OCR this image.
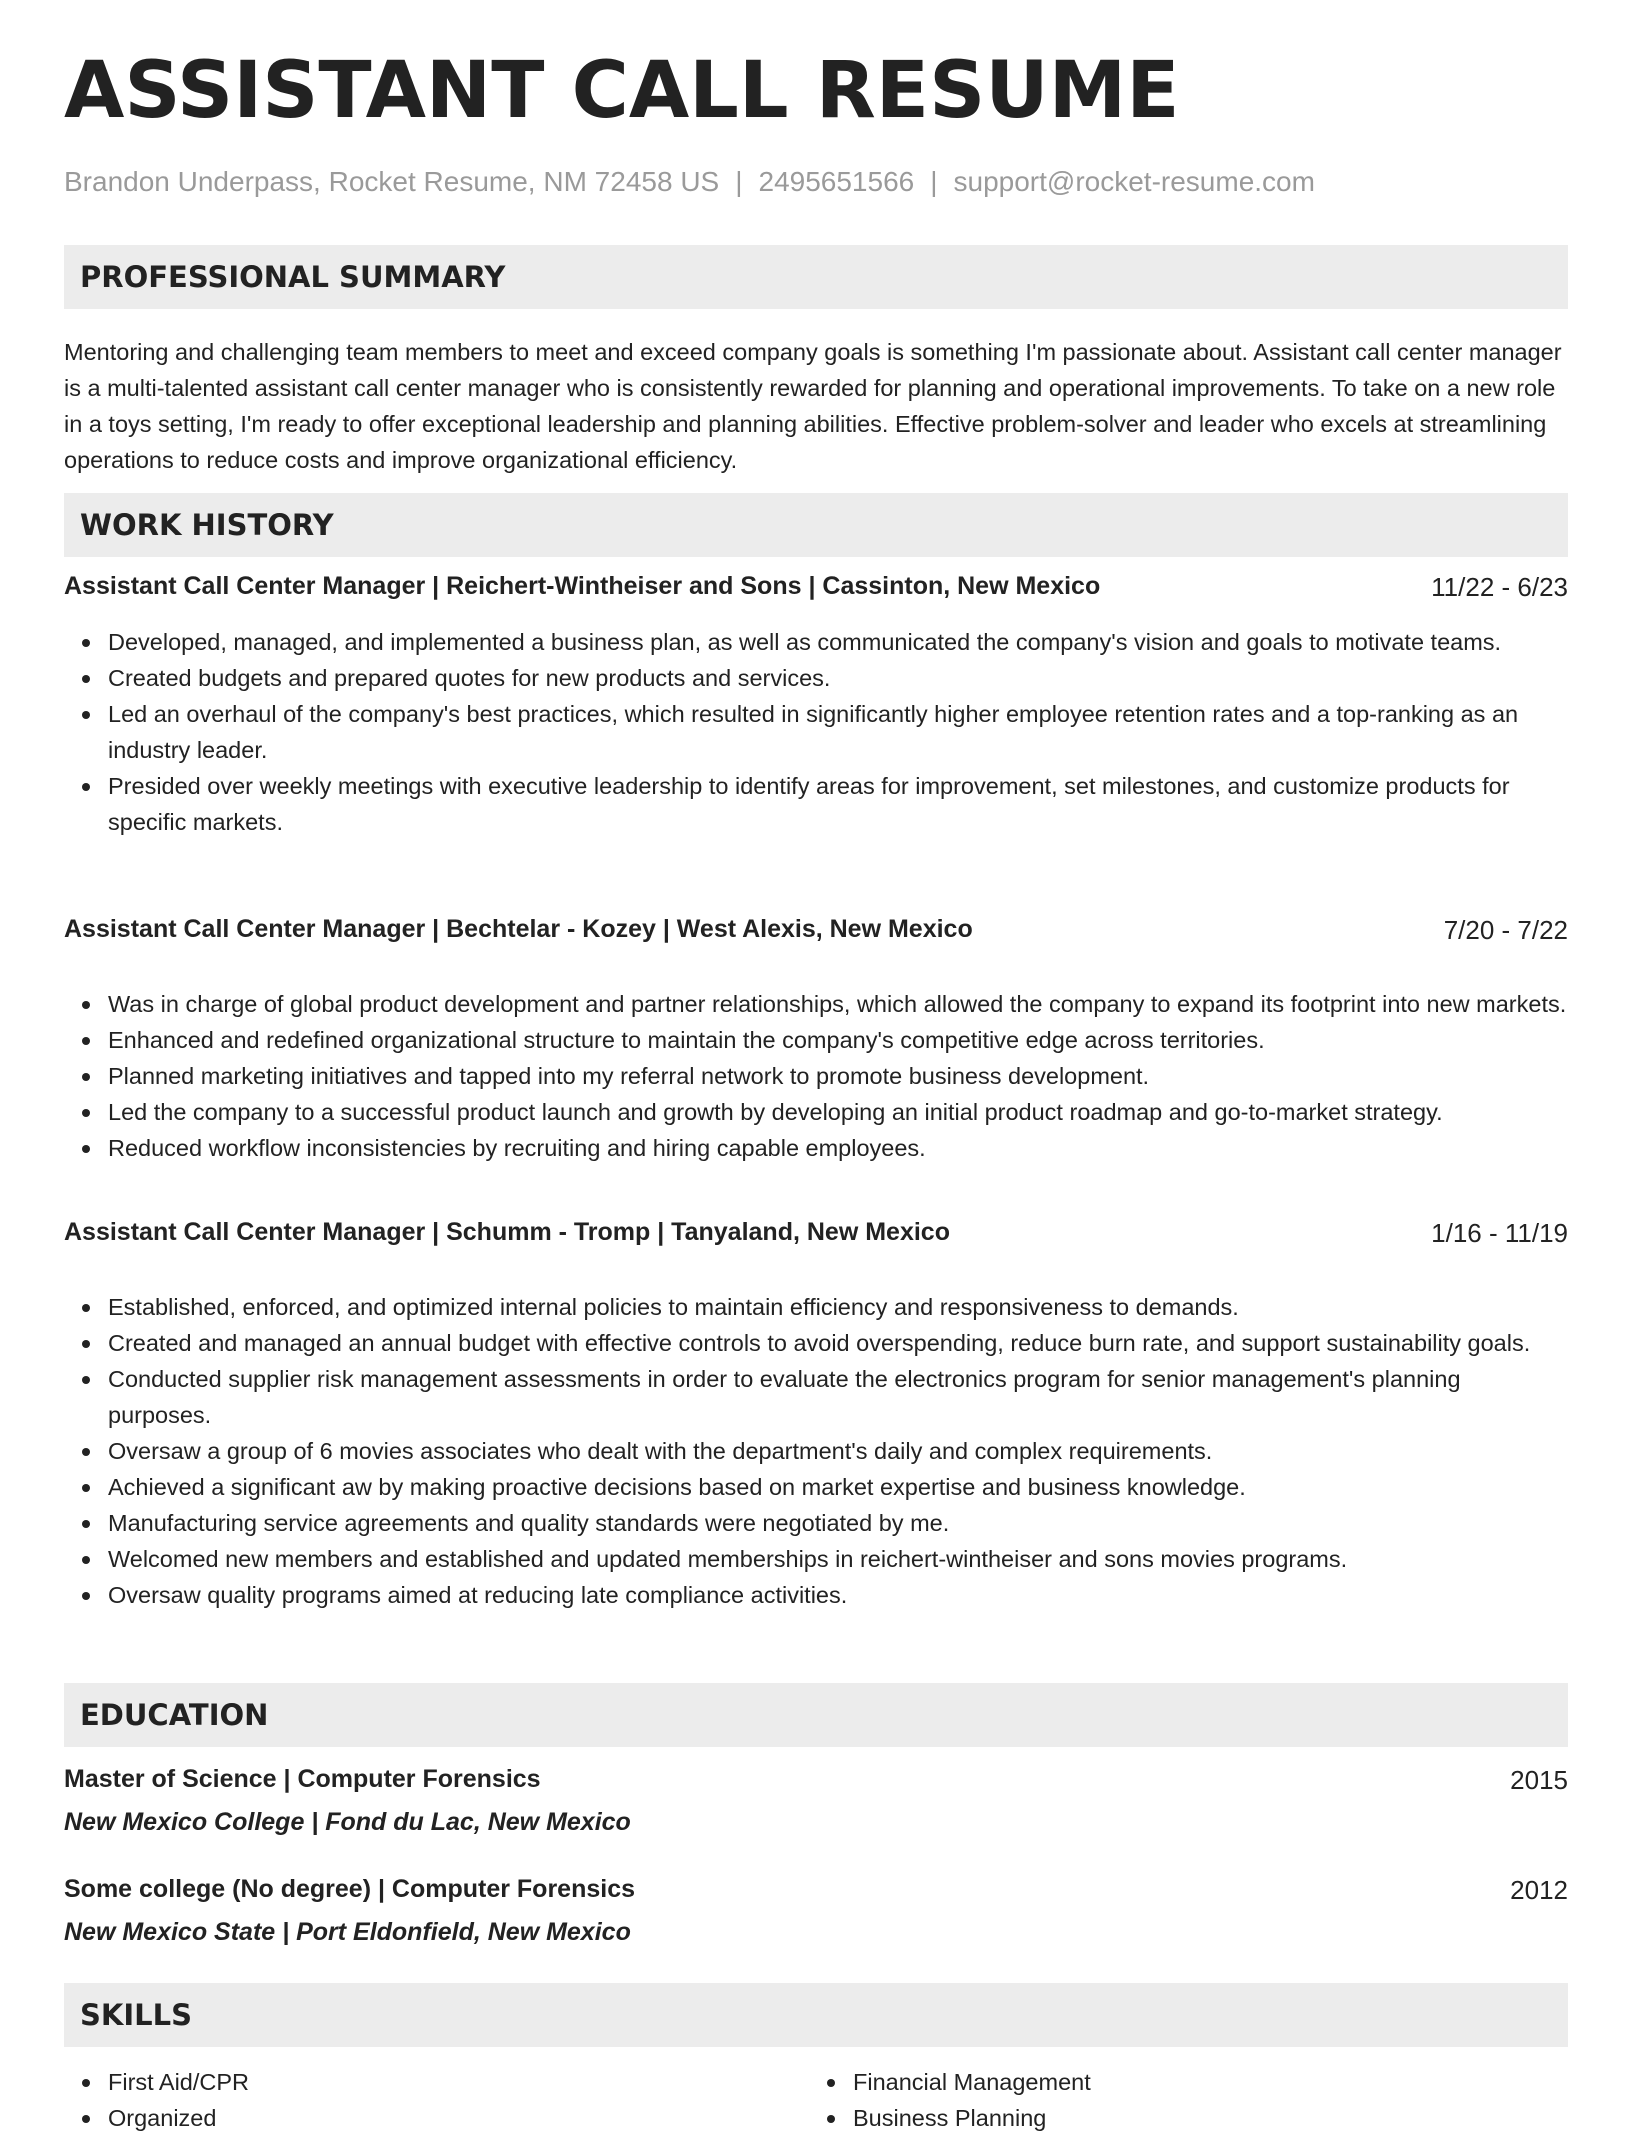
ASSISTANT CALL RESUME
Brandon Underpass, Rocket Resume, NM 72458 US | 2495651566 | support@rocket-resume.com
PROFESSIONAL SUMMARY

Mentoring and challenging team members to meet and exceed company goals is something I'm passionate about. Assistant call center manager is a multi-talented assistant call center manager who is consistently rewarded for planning and operational improvements. To take on a new role in a toys setting, I'm ready to offer exceptional leadership and planning abilities. Effective problem-solver and leader who excels at streamlining operations to reduce costs and improve organizational efficiency.

WORK HISTORY
Assistant Call Center Manager | Reichert-Wintheiser and Sons | Cassinton, New Mexico	11/22 - 6/23
Developed, managed, and implemented a business plan, as well as communicated the company's vision and goals to motivate teams.
Created budgets and prepared quotes for new products and services.
Led an overhaul of the company's best practices, which resulted in significantly higher employee retention rates and a top-ranking as an industry leader.
Presided over weekly meetings with executive leadership to identify areas for improvement, set milestones, and customize products for specific markets.
Assistant Call Center Manager | Bechtelar - Kozey | West Alexis, New Mexico	7/20 - 7/22
Was in charge of global product development and partner relationships, which allowed the company to expand its footprint into new markets.
Enhanced and redefined organizational structure to maintain the company's competitive edge across territories.
Planned marketing initiatives and tapped into my referral network to promote business development.
Led the company to a successful product launch and growth by developing an initial product roadmap and go-to-market strategy.
Reduced workflow inconsistencies by recruiting and hiring capable employees.
Assistant Call Center Manager | Schumm - Tromp | Tanyaland, New Mexico	1/16 - 11/19
Established, enforced, and optimized internal policies to maintain efficiency and responsiveness to demands.
Created and managed an annual budget with effective controls to avoid overspending, reduce burn rate, and support sustainability goals.
Conducted supplier risk management assessments in order to evaluate the electronics program for senior management's planning purposes.
Oversaw a group of 6 movies associates who dealt with the department's daily and complex requirements.
Achieved a significant aw by making proactive decisions based on market expertise and business knowledge.
Manufacturing service agreements and quality standards were negotiated by me.
Welcomed new members and established and updated memberships in reichert-wintheiser and sons movies programs.
Oversaw quality programs aimed at reducing late compliance activities.
EDUCATION
Master of Science | Computer Forensics	2015
New Mexico College | Fond du Lac, New Mexico
Some college (No degree) | Computer Forensics	2012
New Mexico State | Port Eldonfield, New Mexico
SKILLS
First Aid/CPR
Organized
Financial Management
Business Planning
